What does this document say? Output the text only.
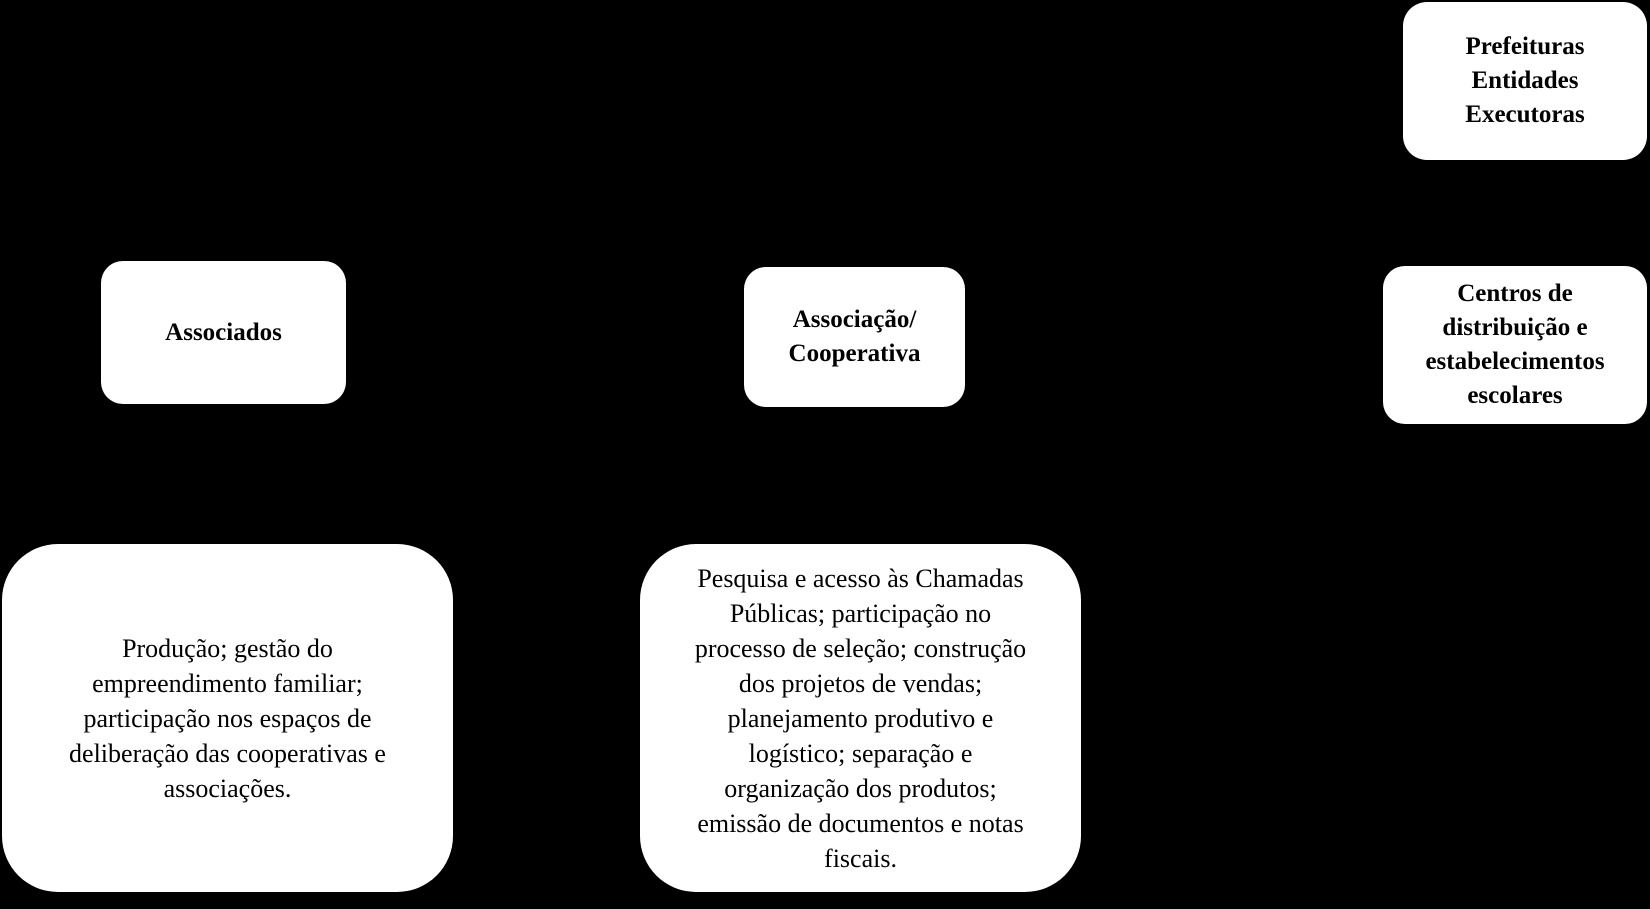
Prefeituras
Entidades
Executoras
Associados	Associação/
Cooperativa
Centros de
distribuição e
estabelecimentos
escolares
Produção; gestão do
empreendimento familiar;
participação nos espaços de
deliberação das cooperativas e
associações.
Pesquisa e acesso às Chamadas
Públicas; participação no
processo de seleção; construção
dos projetos de vendas;
planejamento produtivo e
logístico; separação e
organização dos produtos;
emissão de documentos e notas
fiscais.
